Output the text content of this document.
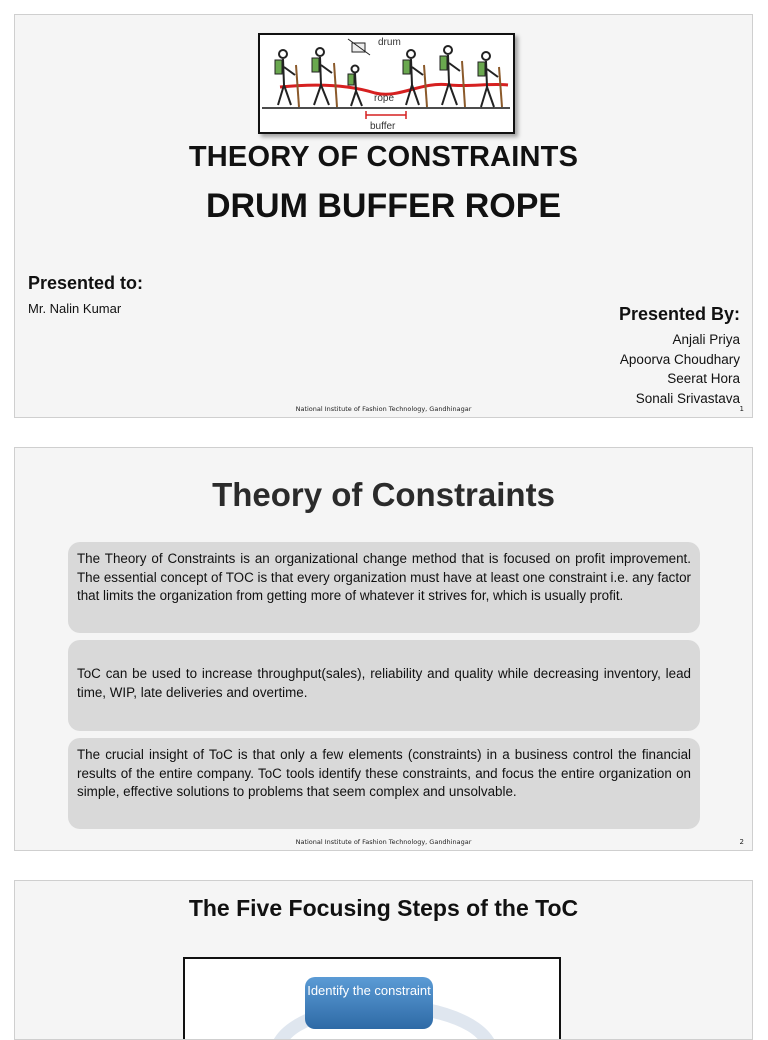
drum
rope
buffer
THEORY OF CONSTRAINTS
DRUM BUFFER ROPE
Presented to:
Mr. Nalin Kumar	Presented By:
Anjali Priya
Apoorva Choudhary
Seerat Hora
Sonali Srivastava
National Institute of Fashion Technology, Gandhinagar	1
Theory of Constraints
The Theory of Constraints is an organizational change method that is focused on profit improvement. The essential concept of TOC is that every organization must have at least one constraint i.e. any factor that limits the organization from getting more of whatever it strives for, which is usually profit.
ToC can be used to increase throughput(sales), reliability and quality while decreasing inventory, lead time, WIP, late deliveries and overtime.
The crucial insight of ToC is that only a few elements (constraints) in a business control the financial results of the entire company. ToC tools identify these constraints, and focus the entire organization on simple, effective solutions to problems that seem complex and unsolvable.
National Institute of Fashion Technology, Gandhinagar	2
The Five Focusing Steps of the ToC
Identify the constraint
